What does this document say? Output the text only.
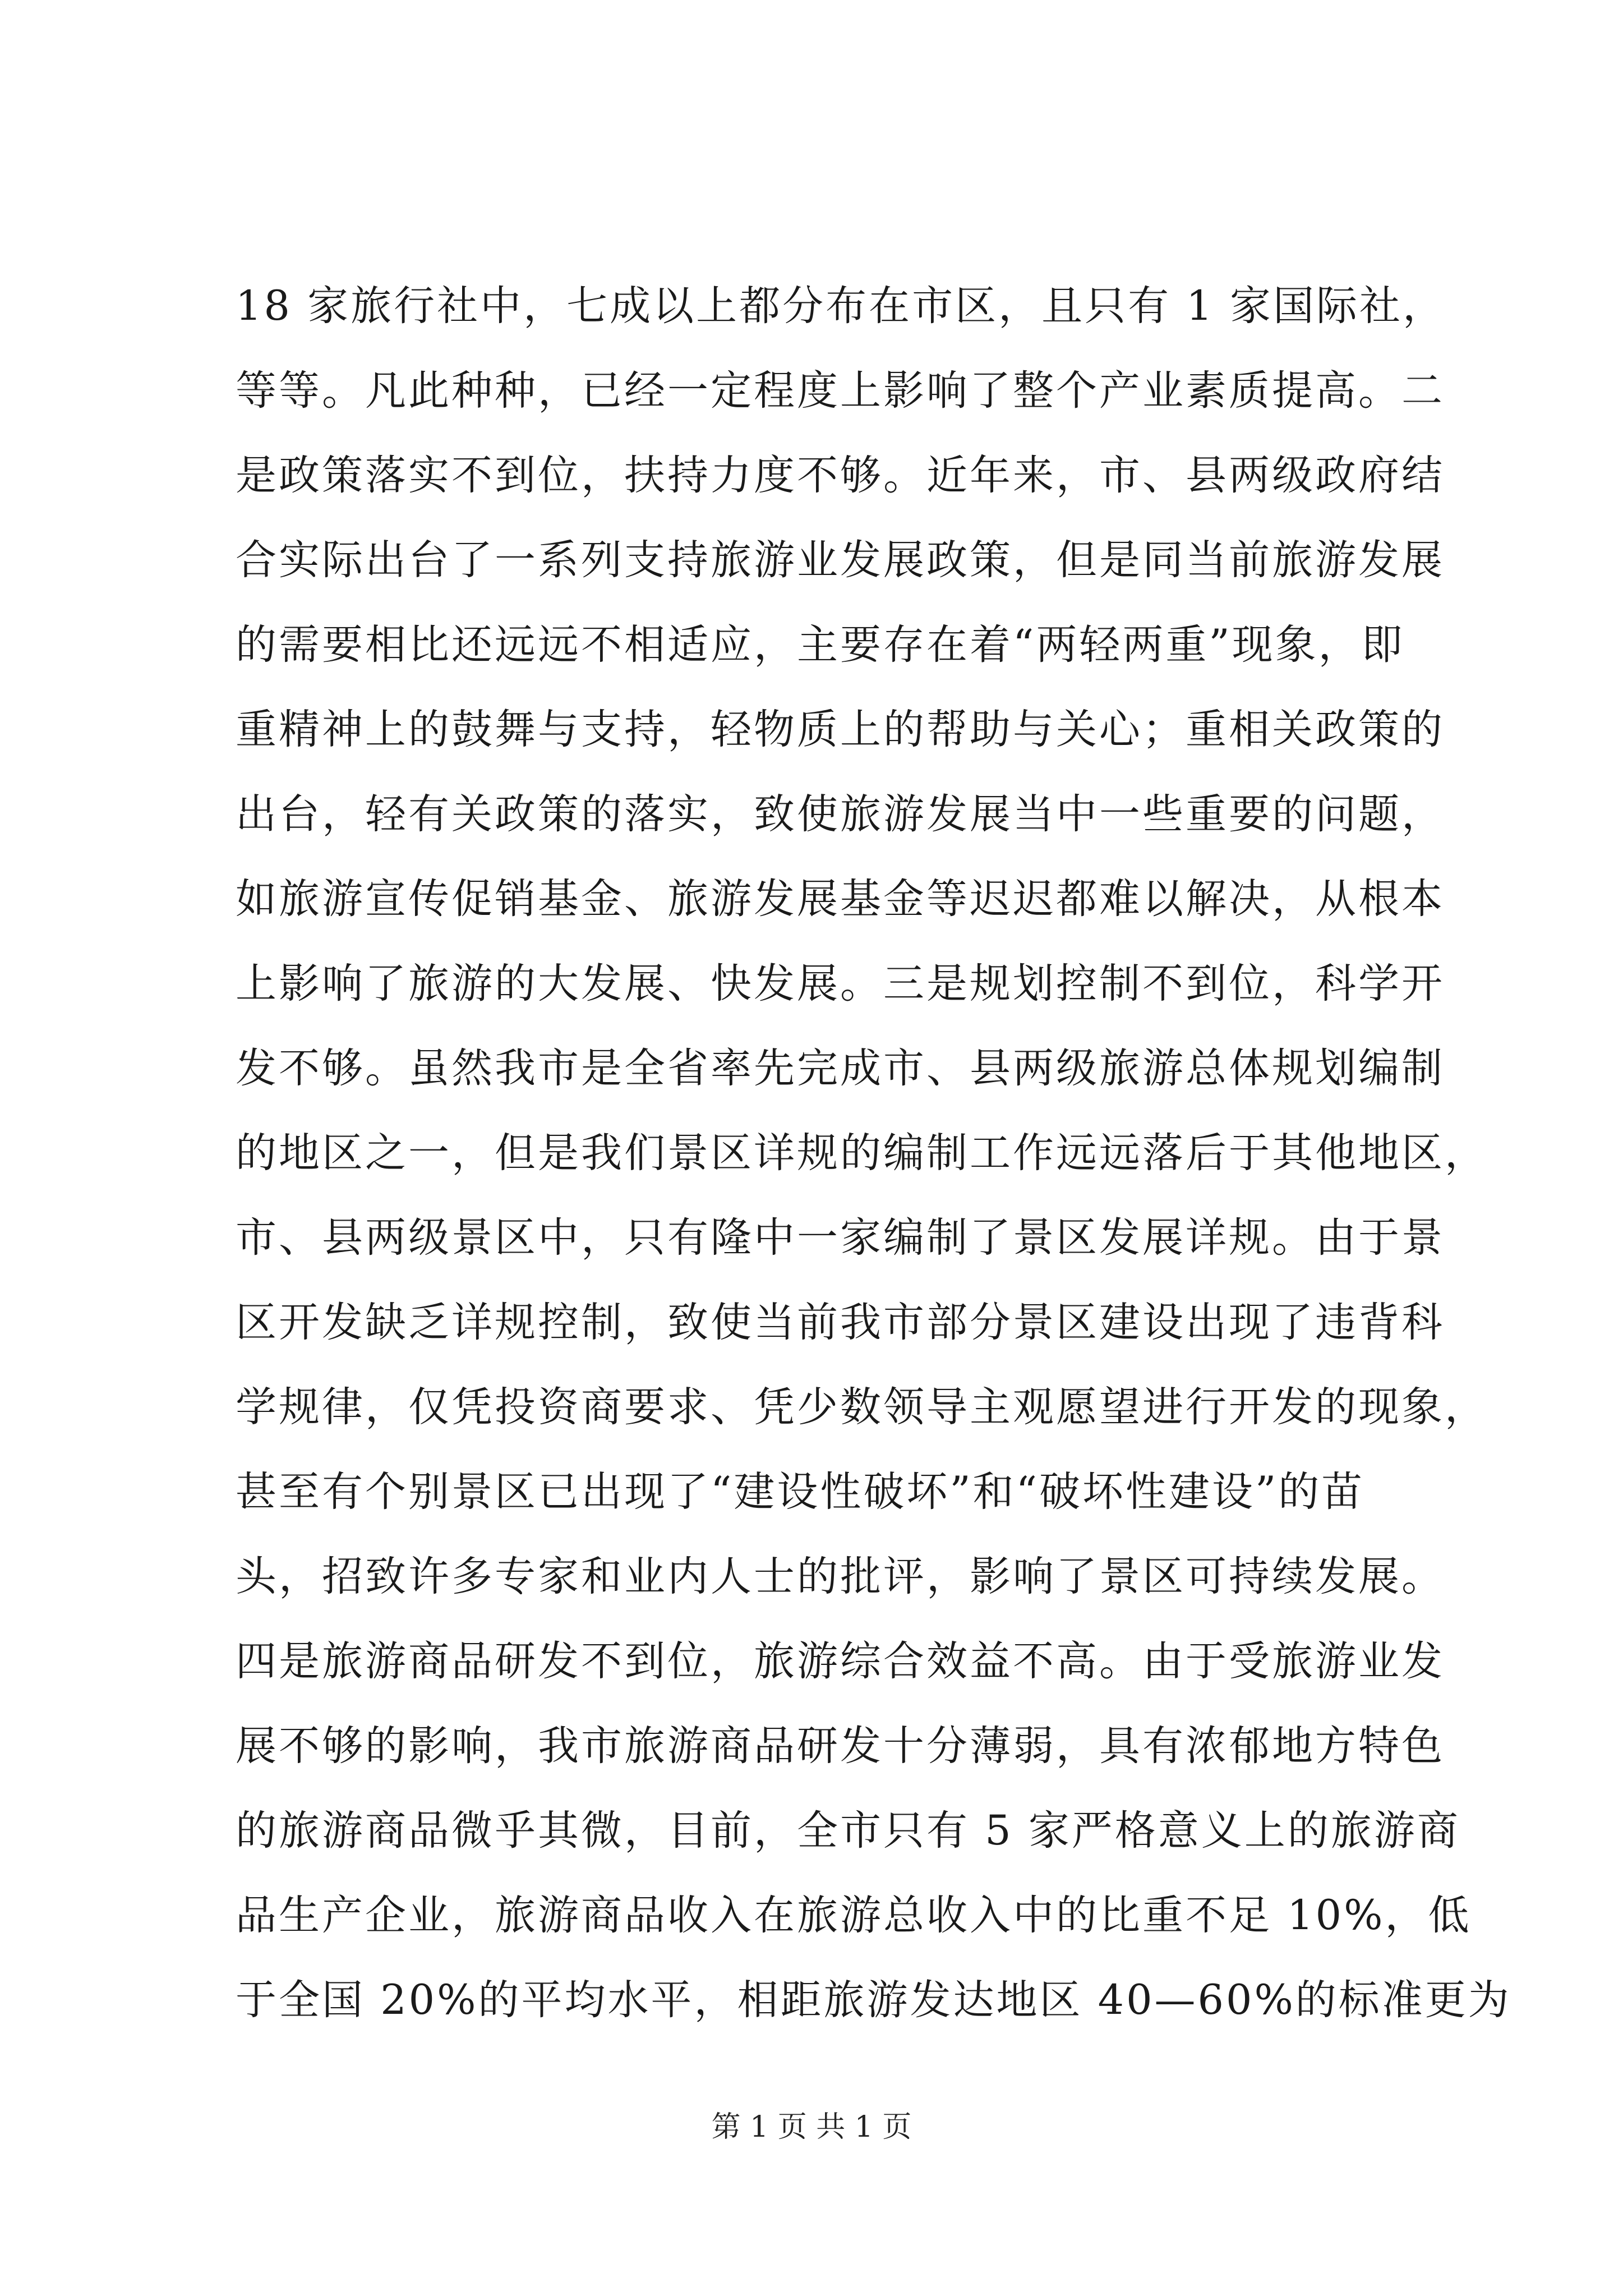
18 家旅行社中，七成以上都分布在市区，且只有 1 家国际社，
等等。凡此种种，已经一定程度上影响了整个产业素质提高。二
是政策落实不到位，扶持力度不够。近年来，市、县两级政府结
合实际出台了一系列支持旅游业发展政策，但是同当前旅游发展
的需要相比还远远不相适应，主要存在着“两轻两重”现象，即
重精神上的鼓舞与支持，轻物质上的帮助与关心；重相关政策的
出台，轻有关政策的落实，致使旅游发展当中一些重要的问题，
如旅游宣传促销基金、旅游发展基金等迟迟都难以解决，从根本
上影响了旅游的大发展、快发展。三是规划控制不到位，科学开
发不够。虽然我市是全省率先完成市、县两级旅游总体规划编制
的地区之一，但是我们景区详规的编制工作远远落后于其他地区，
市、县两级景区中，只有隆中一家编制了景区发展详规。由于景
区开发缺乏详规控制，致使当前我市部分景区建设出现了违背科
学规律，仅凭投资商要求、凭少数领导主观愿望进行开发的现象，
甚至有个别景区已出现了“建设性破坏”和“破坏性建设”的苗
头，招致许多专家和业内人士的批评，影响了景区可持续发展。
四是旅游商品研发不到位，旅游综合效益不高。由于受旅游业发
展不够的影响，我市旅游商品研发十分薄弱，具有浓郁地方特色
的旅游商品微乎其微，目前，全市只有 5 家严格意义上的旅游商
品生产企业，旅游商品收入在旅游总收入中的比重不足 10%，低
于全国 20%的平均水平，相距旅游发达地区 40—60%的标准更为
第 1 页 共 1 页
